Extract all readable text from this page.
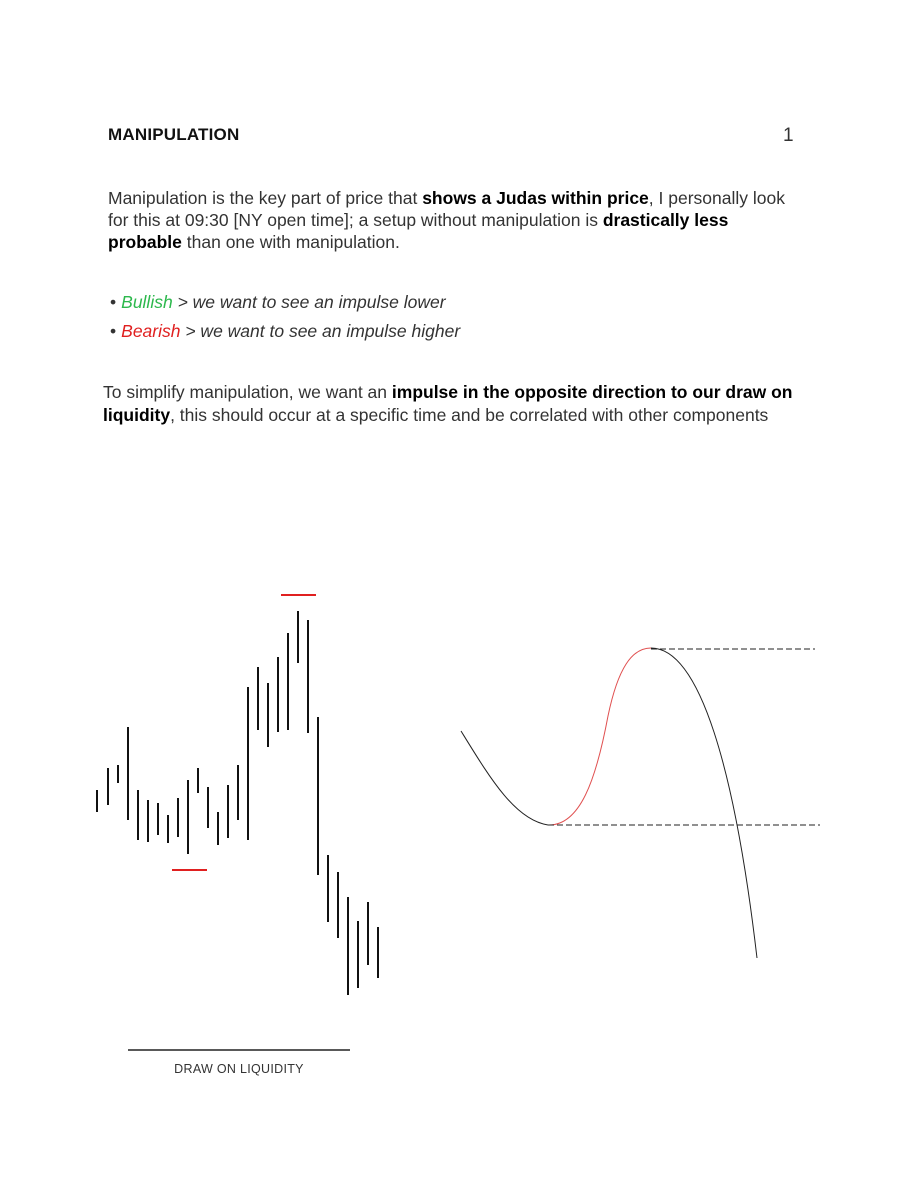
MANIPULATION	1

Manipulation is the key part of price that shows a Judas within price, I personally look for this at 09:30 [NY open time]; a setup without manipulation is drastically less probable than one with manipulation.

• Bullish > we want to see an impulse lower
• Bearish > we want to see an impulse higher

To simplify manipulation, we want an impulse in the opposite direction to our draw on liquidity, this should occur at a specific time and be correlated with other components

DRAW ON LIQUIDITY
